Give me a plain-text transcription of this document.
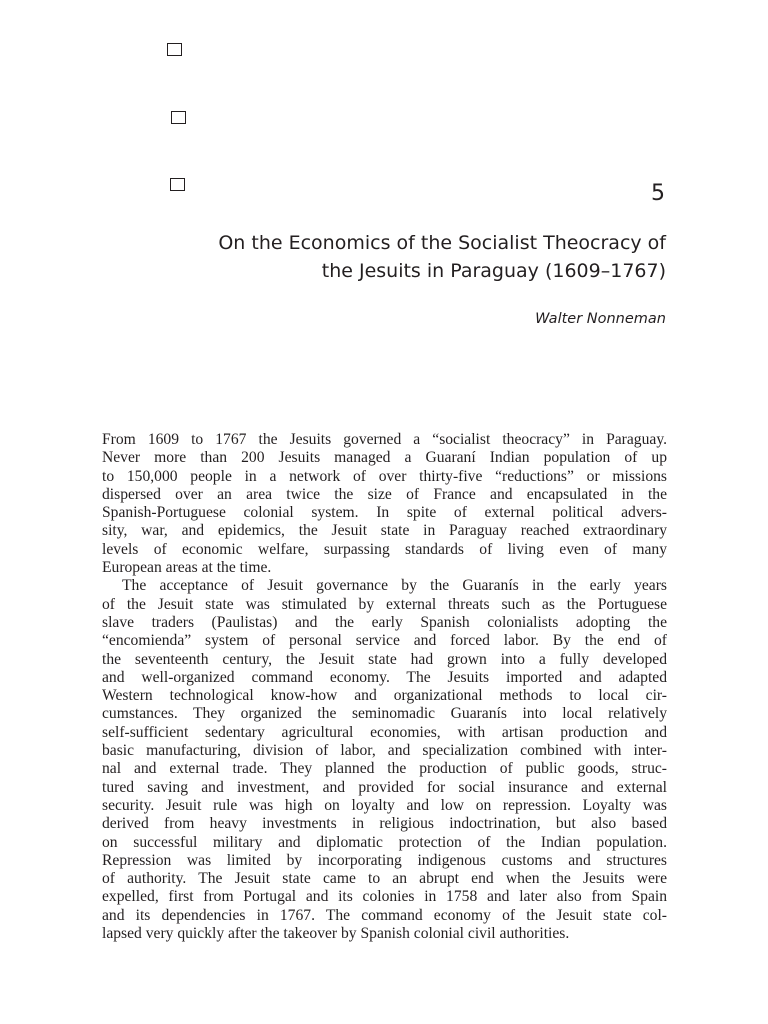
5
On the Economics of the Socialist Theocracy of
the Jesuits in Paraguay (1609–1767)
Walter Nonneman
From 1609 to 1767 the Jesuits governed a “socialist theocracy” in Paraguay.
Never more than 200 Jesuits managed a Guaraní Indian population of up
to 150,000 people in a network of over thirty-five “reductions” or missions
dispersed over an area twice the size of France and encapsulated in the
Spanish-Portuguese colonial system. In spite of external political advers-
sity, war, and epidemics, the Jesuit state in Paraguay reached extraordinary
levels of economic welfare, surpassing standards of living even of many
European areas at the time.
The acceptance of Jesuit governance by the Guaranís in the early years
of the Jesuit state was stimulated by external threats such as the Portuguese
slave traders (Paulistas) and the early Spanish colonialists adopting the
“encomienda” system of personal service and forced labor. By the end of
the seventeenth century, the Jesuit state had grown into a fully developed
and well-organized command economy. The Jesuits imported and adapted
Western technological know-how and organizational methods to local cir-
cumstances. They organized the seminomadic Guaranís into local relatively
self-sufficient sedentary agricultural economies, with artisan production and
basic manufacturing, division of labor, and specialization combined with inter-
nal and external trade. They planned the production of public goods, struc-
tured saving and investment, and provided for social insurance and external
security. Jesuit rule was high on loyalty and low on repression. Loyalty was
derived from heavy investments in religious indoctrination, but also based
on successful military and diplomatic protection of the Indian population.
Repression was limited by incorporating indigenous customs and structures
of authority. The Jesuit state came to an abrupt end when the Jesuits were
expelled, first from Portugal and its colonies in 1758 and later also from Spain
and its dependencies in 1767. The command economy of the Jesuit state col-
lapsed very quickly after the takeover by Spanish colonial civil authorities.
